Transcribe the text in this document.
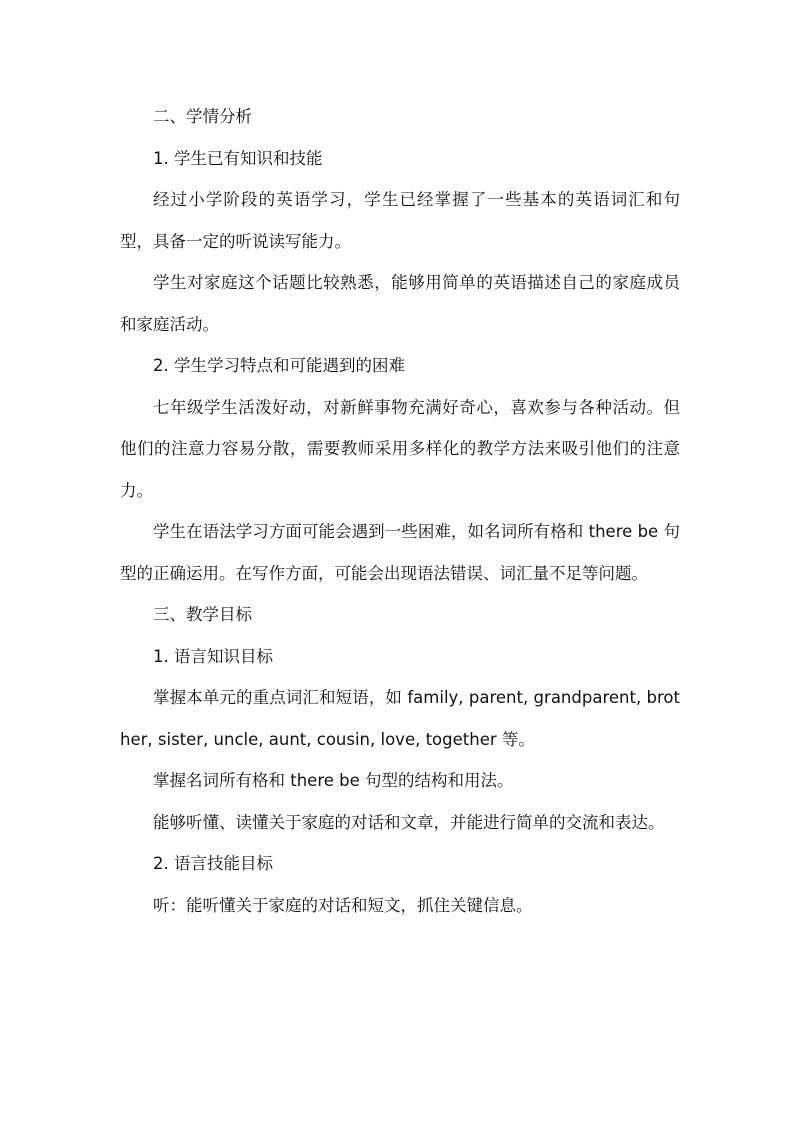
二、学情分析

1. 学生已有知识和技能

经过小学阶段的英语学习，学生已经掌握了一些基本的英语词汇和句型，具备一定的听说读写能力。

学生对家庭这个话题比较熟悉，能够用简单的英语描述自己的家庭成员和家庭活动。

2. 学生学习特点和可能遇到的困难

七年级学生活泼好动，对新鲜事物充满好奇心，喜欢参与各种活动。但他们的注意力容易分散，需要教师采用多样化的教学方法来吸引他们的注意力。

学生在语法学习方面可能会遇到一些困难，如名词所有格和 there be 句型的正确运用。在写作方面，可能会出现语法错误、词汇量不足等问题。

三、教学目标

1. 语言知识目标

掌握本单元的重点词汇和短语，如 family, parent, grandparent, brother, sister, uncle, aunt, cousin, love, together 等。

掌握名词所有格和 there be 句型的结构和用法。

能够听懂、读懂关于家庭的对话和文章，并能进行简单的交流和表达。

2. 语言技能目标

听：能听懂关于家庭的对话和短文，抓住关键信息。
